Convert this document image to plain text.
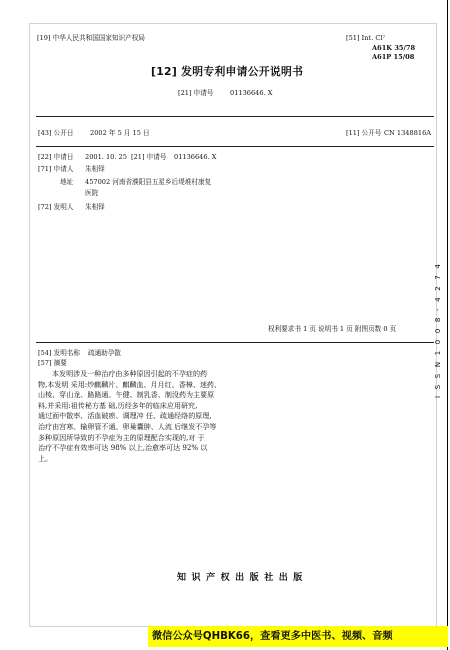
[19] 中华人民共和国国家知识产权局	[51] Int. Cl⁷
A61K 35/78
A61P 15/08
[12] 发明专利申请公开说明书
[21] 申请号	01136646. X
[43] 公开日	2002 年 5 月 15 日	[11] 公开号 CN 1348816A
[22] 申请日 2001. 10. 25 [21] 申请号 01136646. X
[71] 申请人 朱相铎
地址 457002 河南省濮阳县五星乡后堤堆村康复
医院
[72] 发明人 朱相铎
权利要求书 1 页 说明书 1 页 附图页数 0 页
[54] 发明名称 疏通助孕散
[57] 摘要

本发明涉及一种治疗由多种原因引起的不孕症的药

物,本发明 采用:炒麒麟片、麒麟血、月月红、香樟、迷药、

山棱、穿山龙、路路通、午健、制乳香、制没药为主要原

料,并采用:祖传秘方基 础,历经多年的临床应用研究,

通过面中散率、活血破瘀、调理冲 任、疏通经络的原理,

治疗由宫寒、输卵管不通、卵巢囊肿、人流 后继发不孕等

多种原因所导致的不孕症为主的原理配合实现的,对 于

治疗不孕症有效率可达 98% 以上,治愈率可达 92% 以

上。

I S S N 1 0 0 8 - 4 2 7 4
知 识 产 权 出 版 社 出 版
微信公众号QHBK66，查看更多中医书、视频、音频
